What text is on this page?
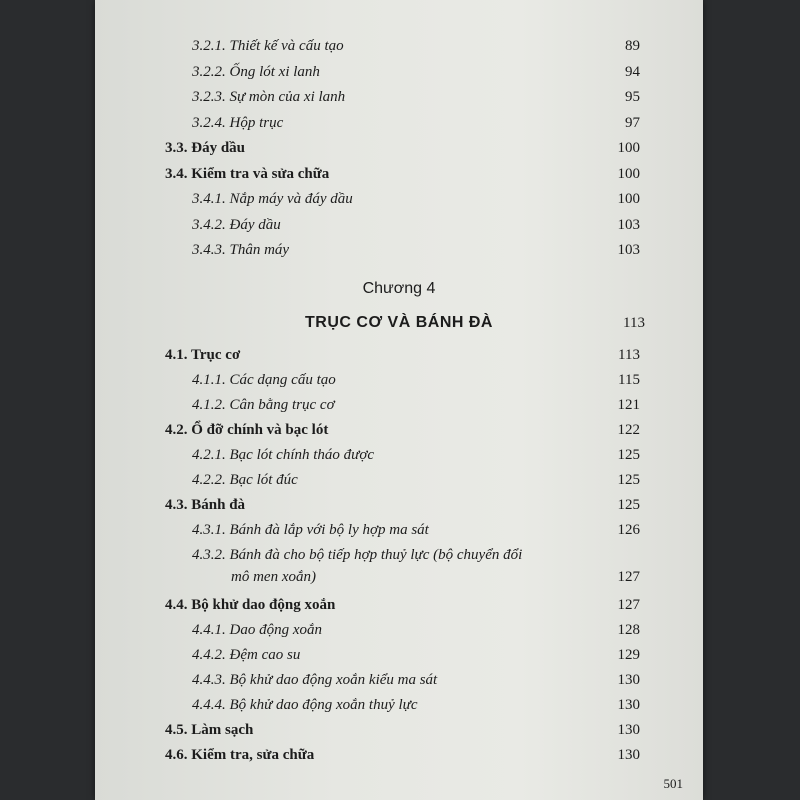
3.2.1. Thiết kế và cấu tạo	89
3.2.2. Ống lót xi lanh	94
3.2.3. Sự mòn của xi lanh	95
3.2.4. Hộp trục	97
3.3. Đáy dầu	100
3.4. Kiểm tra và sửa chữa	100
3.4.1. Nắp máy và đáy dầu	100
3.4.2. Đáy dầu	103
3.4.3. Thân máy	103
4.1. Trục cơ	113
4.1.1. Các dạng cấu tạo	115
4.1.2. Cân bằng trục cơ	121
4.2. Ổ đỡ chính và bạc lót	122
4.2.1. Bạc lót chính tháo được	125
4.2.2. Bạc lót đúc	125
4.3. Bánh đà	125
4.3.1. Bánh đà lắp với bộ ly hợp ma sát	126
4.3.2. Bánh đà cho bộ tiếp hợp thuỷ lực (bộ chuyển đổi
mô men xoắn)	127
4.4. Bộ khử dao động xoắn	127
4.4.1. Dao động xoắn	128
4.4.2. Đệm cao su	129
4.4.3. Bộ khử dao động xoắn kiểu ma sát	130
4.4.4. Bộ khử dao động xoắn thuỷ lực	130
4.5. Làm sạch	130
4.6. Kiểm tra, sửa chữa	130
Chương 4
TRỤC CƠ VÀ BÁNH ĐÀ	113
501
